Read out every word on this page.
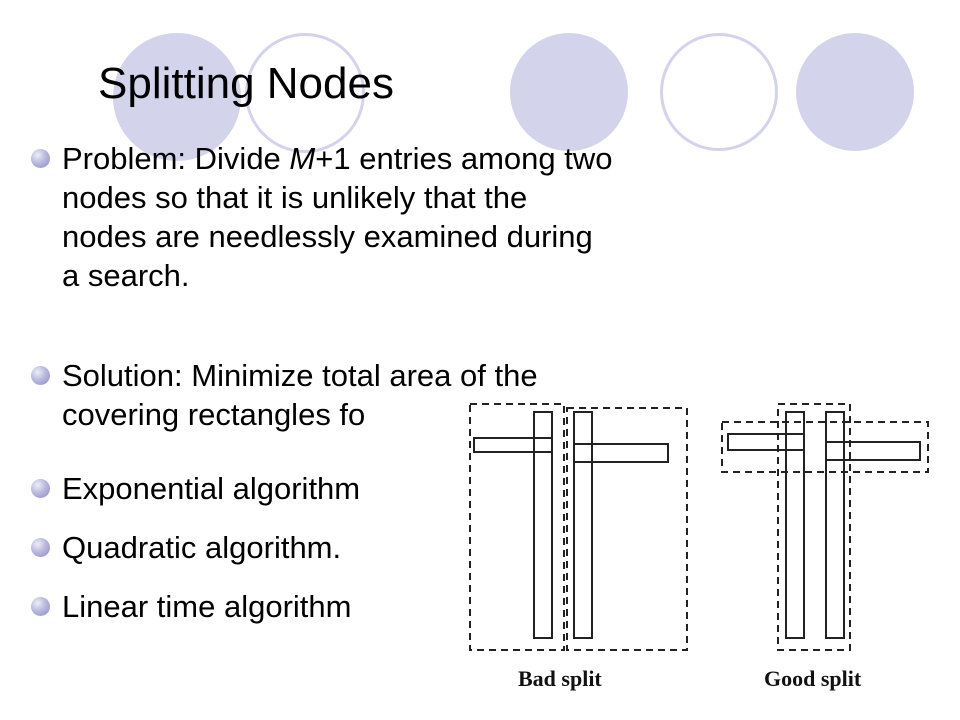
Splitting Nodes
Problem: Divide M+1 entries among two
nodes so that it is unlikely that the
nodes are needlessly examined during
a search.
Solution: Minimize total area of the
covering rectangles fo
Exponential algorithm
Quadratic algorithm.
Linear time algorithm
Bad split	Good split
